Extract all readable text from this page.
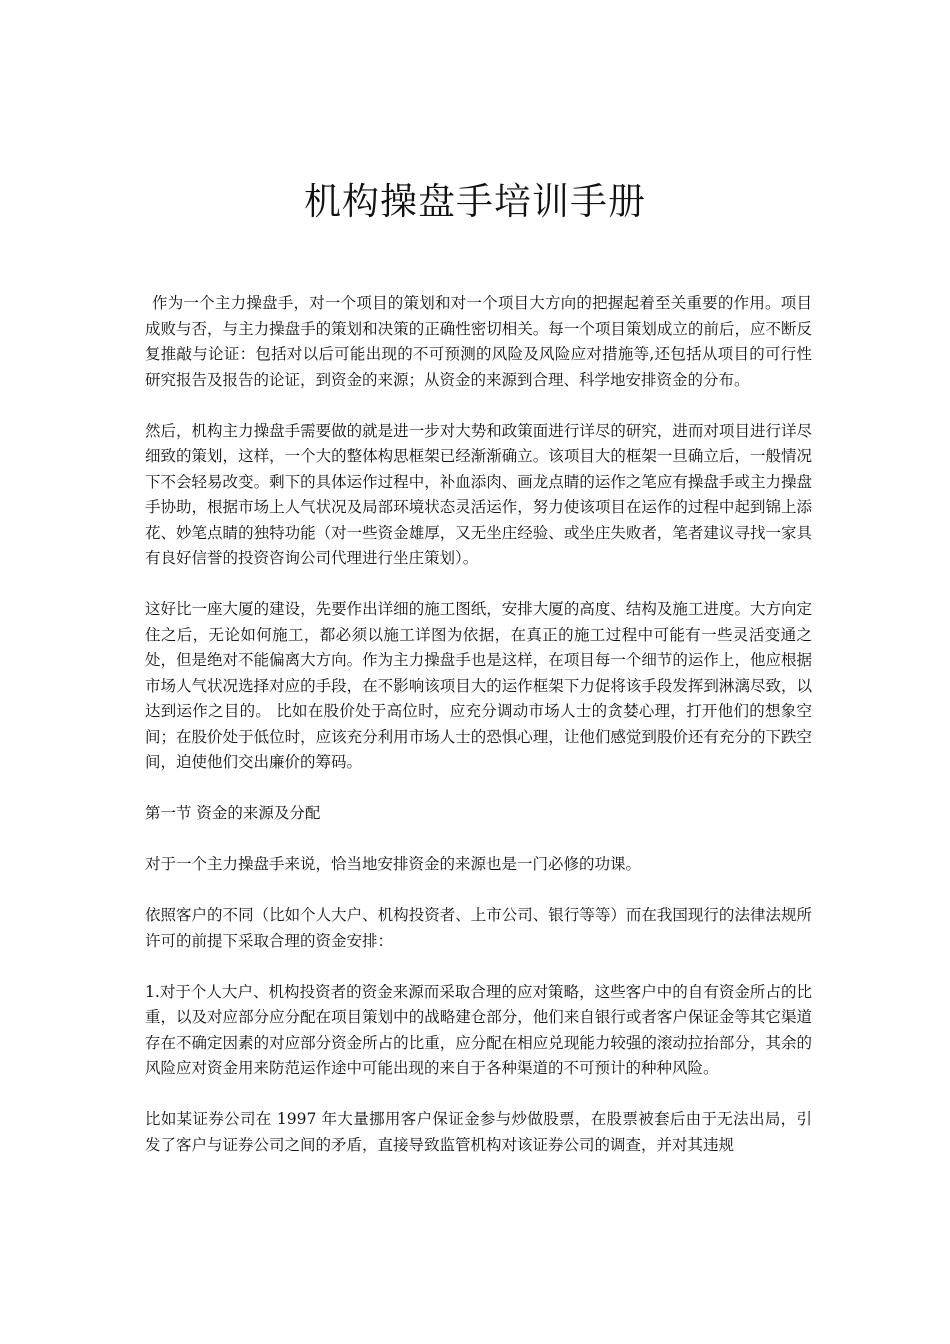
机构操盘手培训手册

作为一个主力操盘手，对一个项目的策划和对一个项目大方向的把握起着至关重要的作用。项目成败与否，与主力操盘手的策划和决策的正确性密切相关。每一个项目策划成立的前后，应不断反复推敲与论证：包括对以后可能出现的不可预测的风险及风险应对措施等,还包括从项目的可行性研究报告及报告的论证，到资金的来源；从资金的来源到合理、科学地安排资金的分布。

然后，机构主力操盘手需要做的就是进一步对大势和政策面进行详尽的研究，进而对项目进行详尽细致的策划，这样，一个大的整体构思框架已经渐渐确立。该项目大的框架一旦确立后，一般情况下不会轻易改变。剩下的具体运作过程中，补血添肉、画龙点睛的运作之笔应有操盘手或主力操盘手协助，根据市场上人气状况及局部环境状态灵活运作，努力使该项目在运作的过程中起到锦上添花、妙笔点睛的独特功能（对一些资金雄厚，又无坐庄经验、或坐庄失败者，笔者建议寻找一家具有良好信誉的投资咨询公司代理进行坐庄策划）。

这好比一座大厦的建设，先要作出详细的施工图纸，安排大厦的高度、结构及施工进度。大方向定住之后，无论如何施工，都必须以施工详图为依据，在真正的施工过程中可能有一些灵活变通之处，但是绝对不能偏离大方向。作为主力操盘手也是这样，在项目每一个细节的运作上，他应根据市场人气状况选择对应的手段，在不影响该项目大的运作框架下力促将该手段发挥到淋漓尽致，以达到运作之目的。 比如在股价处于高位时，应充分调动市场人士的贪婪心理，打开他们的想象空间；在股价处于低位时，应该充分利用市场人士的恐惧心理，让他们感觉到股价还有充分的下跌空间，迫使他们交出廉价的筹码。

第一节 资金的来源及分配

对于一个主力操盘手来说，恰当地安排资金的来源也是一门必修的功课。

依照客户的不同（比如个人大户、机构投资者、上市公司、银行等等）而在我国现行的法律法规所许可的前提下采取合理的资金安排：

1.对于个人大户、机构投资者的资金来源而采取合理的应对策略，这些客户中的自有资金所占的比重，以及对应部分应分配在项目策划中的战略建仓部分，他们来自银行或者客户保证金等其它渠道存在不确定因素的对应部分资金所占的比重，应分配在相应兑现能力较强的滚动拉抬部分，其余的风险应对资金用来防范运作途中可能出现的来自于各种渠道的不可预计的种种风险。

比如某证券公司在 1997 年大量挪用客户保证金参与炒做股票，在股票被套后由于无法出局，引发了客户与证券公司之间的矛盾，直接导致监管机构对该证券公司的调查，并对其违规
